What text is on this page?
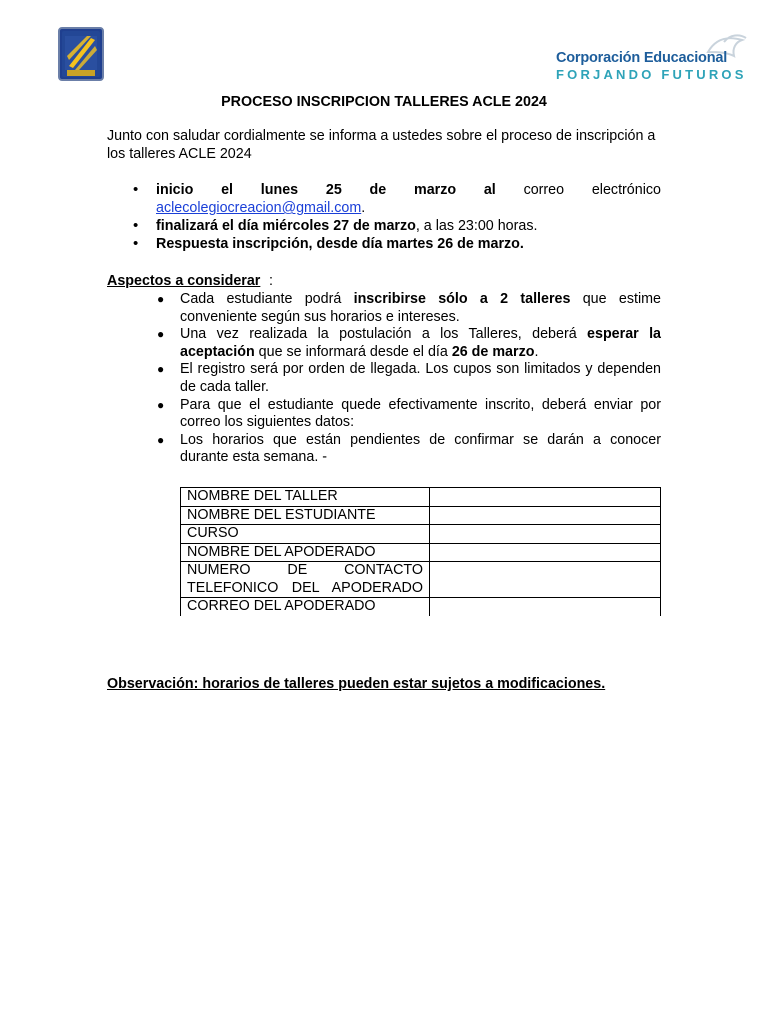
Corporación Educacional
FORJANDO FUTUROS
PROCESO INSCRIPCION TALLERES ACLE 2024
Junto con saludar cordialmente se informa a ustedes sobre el proceso de inscripción a los talleres ACLE 2024
• inicio el lunes 25 de marzo al correo electrónico
aclecolegiocreacion@gmail.com.
• finalizará el día miércoles 27 de marzo, a las 23:00 horas.
• Respuesta inscripción, desde día martes 26 de marzo.
Aspectos a considerar :
● Cada estudiante podrá inscribirse sólo a 2 talleres que estime conveniente según sus horarios e intereses.
● Una vez realizada la postulación a los Talleres, deberá esperar la aceptación que se informará desde el día 26 de marzo.
● El registro será por orden de llegada. Los cupos son limitados y dependen de cada taller.
● Para que el estudiante quede efectivamente inscrito, deberá enviar por correo los siguientes datos:
● Los horarios que están pendientes de confirmar se darán a conocer durante esta semana. -
NOMBRE DEL TALLER	
NOMBRE DEL ESTUDIANTE	
CURSO	
NOMBRE DEL APODERADO	

NUMERO DE CONTACTO TELEFONICO DEL APODERADO	

CORREO DEL APODERADO	
Observación: horarios de talleres pueden estar sujetos a modificaciones.
